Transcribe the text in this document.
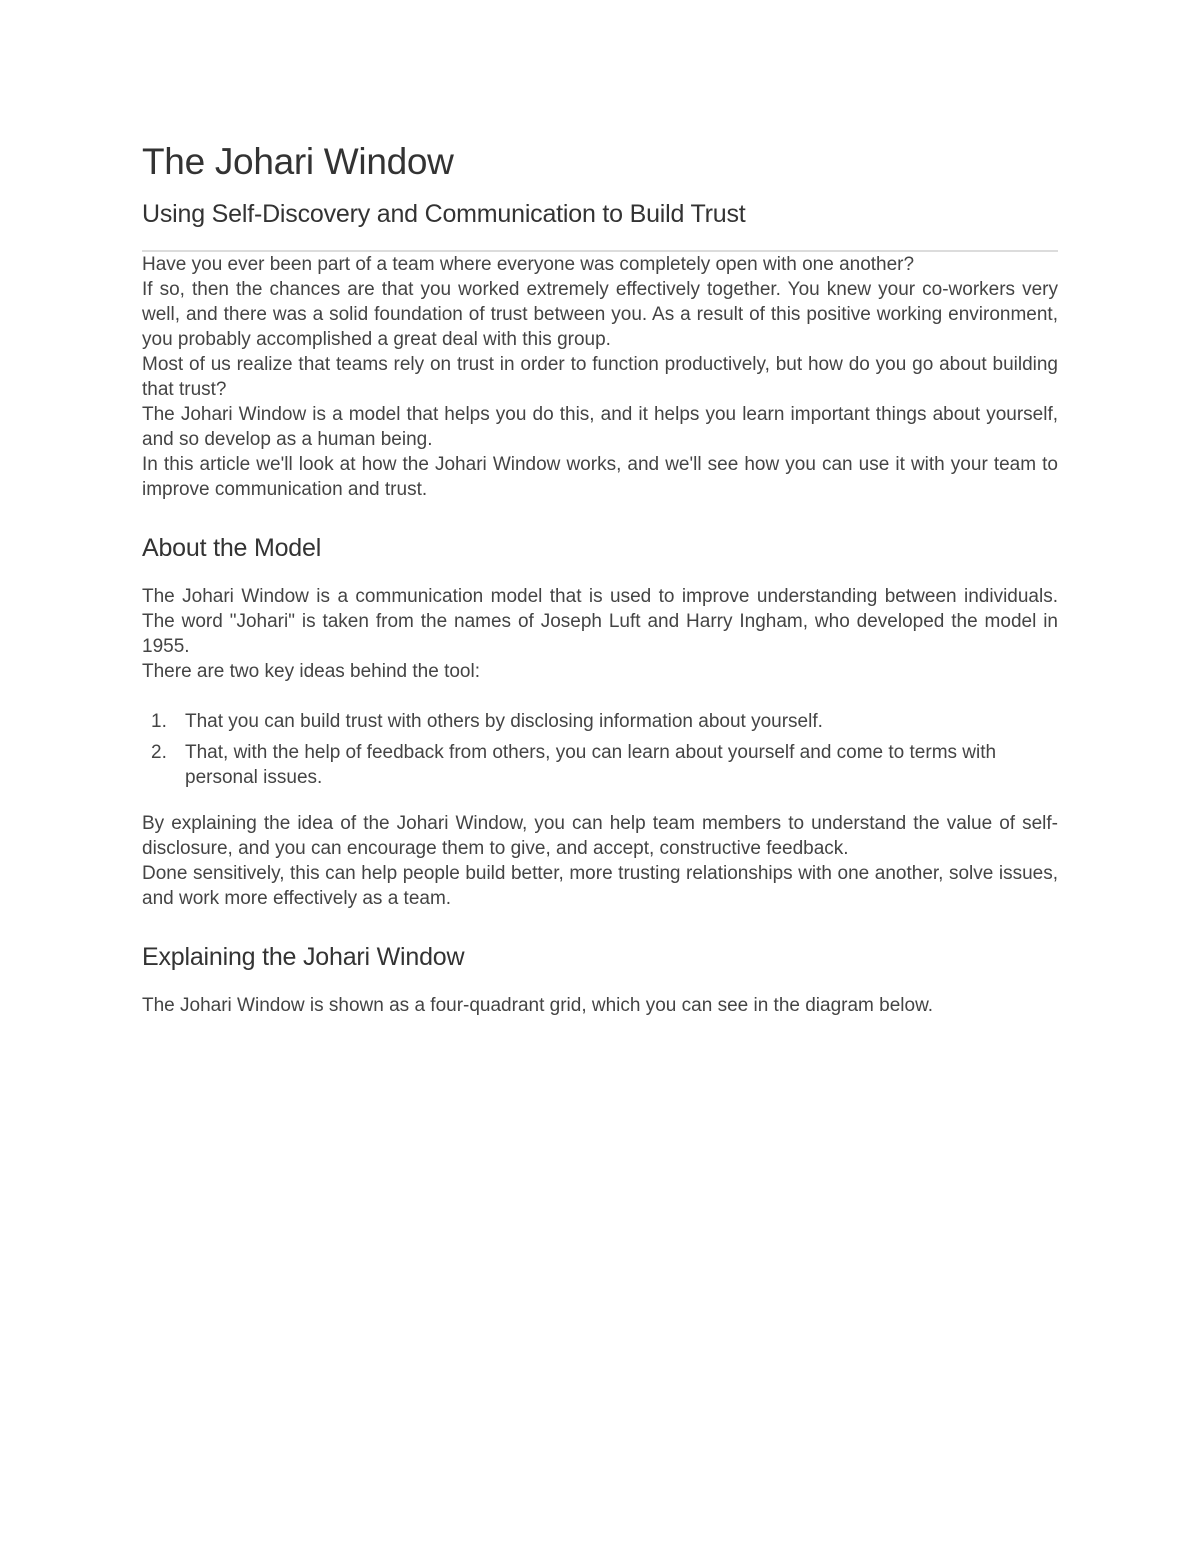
The Johari Window
Using Self-Discovery and Communication to Build Trust

Have you ever been part of a team where everyone was completely open with one another?

If so, then the chances are that you worked extremely effectively together. You knew your co-workers very well, and there was a solid foundation of trust between you. As a result of this positive working environment, you probably accomplished a great deal with this group.

Most of us realize that teams rely on trust in order to function productively, but how do you go about building that trust?

The Johari Window is a model that helps you do this, and it helps you learn important things about yourself, and so develop as a human being.

In this article we'll look at how the Johari Window works, and we'll see how you can use it with your team to improve communication and trust.

About the Model

The Johari Window is a communication model that is used to improve understanding between individuals. The word "Johari" is taken from the names of Joseph Luft and Harry Ingham, who developed the model in 1955.

There are two key ideas behind the tool:

1. That you can build trust with others by disclosing information about yourself.
2. That, with the help of feedback from others, you can learn about yourself and come to terms with personal issues.

By explaining the idea of the Johari Window, you can help team members to understand the value of self-disclosure, and you can encourage them to give, and accept, constructive feedback.

Done sensitively, this can help people build better, more trusting relationships with one another, solve issues, and work more effectively as a team.

Explaining the Johari Window

The Johari Window is shown as a four-quadrant grid, which you can see in the diagram below.
